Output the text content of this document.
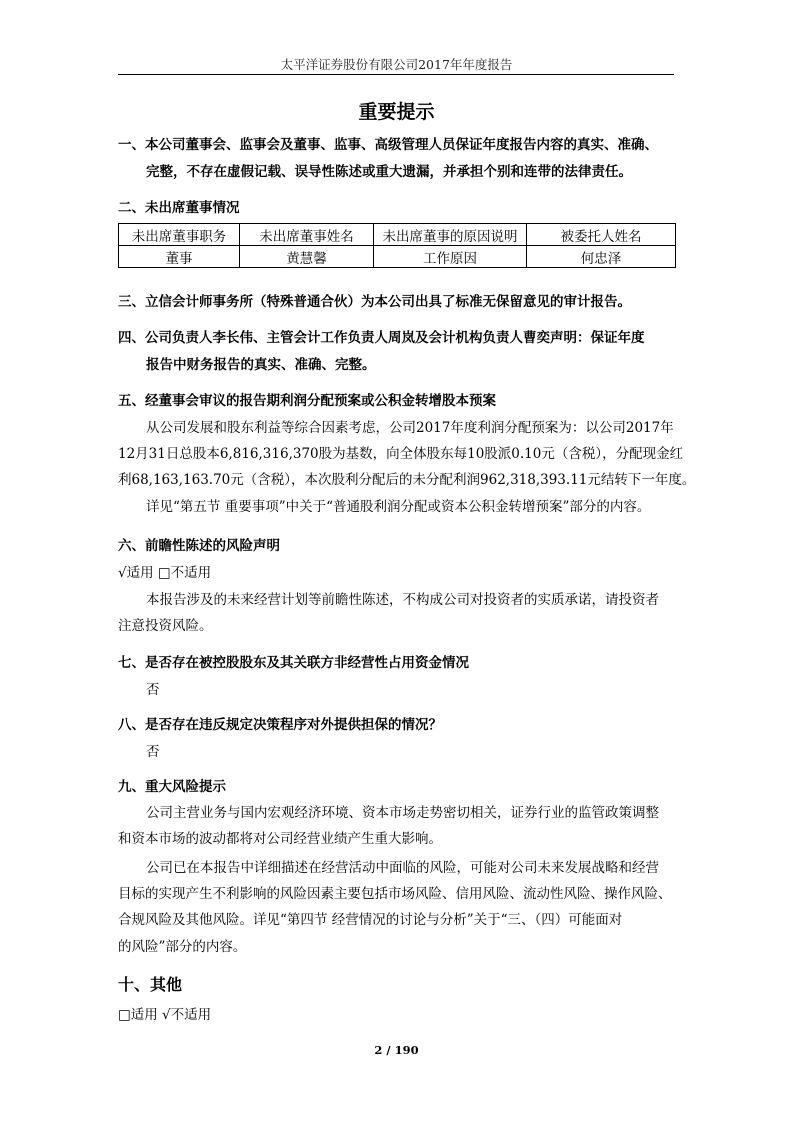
太平洋证券股份有限公司2017年年度报告
重要提示
一、本公司董事会、监事会及董事、监事、高级管理人员保证年度报告内容的真实、准确、
完整，不存在虚假记载、误导性陈述或重大遗漏，并承担个别和连带的法律责任。
二、未出席董事情况
未出席董事职务	未出席董事姓名	未出席董事的原因说明	被委托人姓名
董事	黄慧馨	工作原因	何忠泽
三、立信会计师事务所（特殊普通合伙）为本公司出具了标准无保留意见的审计报告。
四、公司负责人李长伟、主管会计工作负责人周岚及会计机构负责人曹奕声明：保证年度
报告中财务报告的真实、准确、完整。
五、经董事会审议的报告期利润分配预案或公积金转增股本预案
从公司发展和股东利益等综合因素考虑，公司2017年度利润分配预案为：以公司2017年
12月31日总股本6,816,316,370股为基数，向全体股东每10股派0.10元（含税），分配现金红
利68,163,163.70元（含税），本次股利分配后的未分配利润962,318,393.11元结转下一年度。
详见“第五节 重要事项”中关于“普通股利润分配或资本公积金转增预案”部分的内容。
六、前瞻性陈述的风险声明
√适用 □不适用
本报告涉及的未来经营计划等前瞻性陈述，不构成公司对投资者的实质承诺，请投资者
注意投资风险。
七、是否存在被控股股东及其关联方非经营性占用资金情况
否
八、是否存在违反规定决策程序对外提供担保的情况？
否
九、重大风险提示
公司主营业务与国内宏观经济环境、资本市场走势密切相关，证券行业的监管政策调整
和资本市场的波动都将对公司经营业绩产生重大影响。
公司已在本报告中详细描述在经营活动中面临的风险，可能对公司未来发展战略和经营
目标的实现产生不利影响的风险因素主要包括市场风险、信用风险、流动性风险、操作风险、
合规风险及其他风险。详见“第四节 经营情况的讨论与分析”关于“三、（四）可能面对
的风险”部分的内容。
十、其他
□适用 √不适用
2 / 190
